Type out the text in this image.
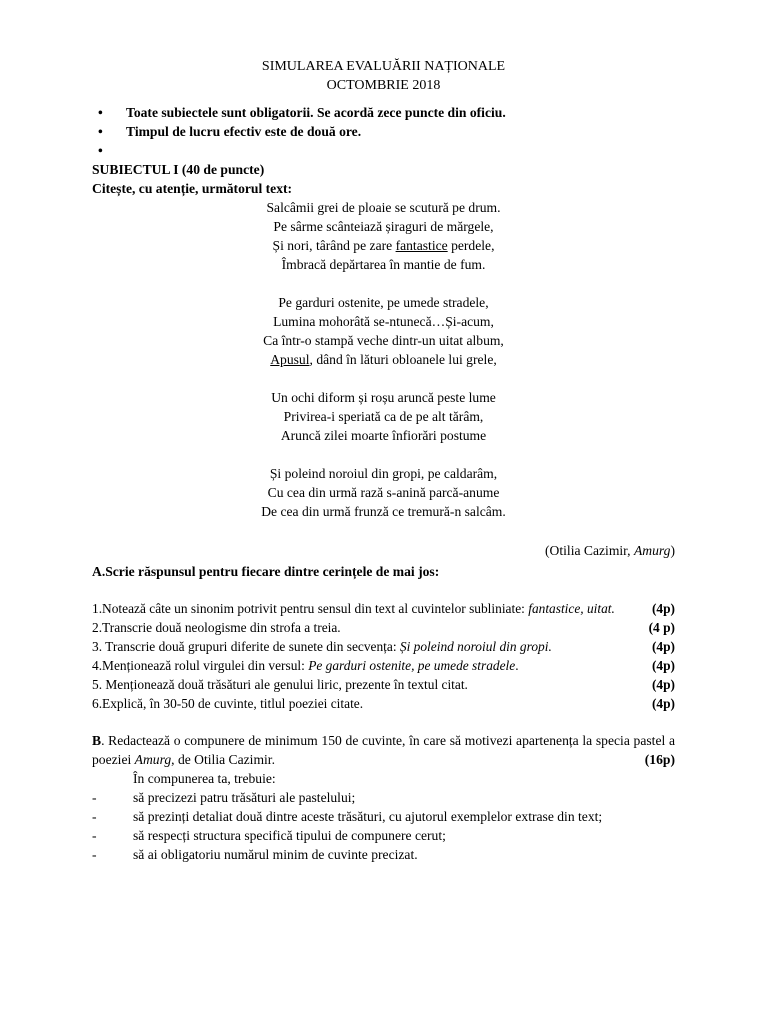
SIMULAREA EVALUĂRII NAȚIONALE
OCTOMBRIE 2018
• Toate subiectele sunt obligatorii. Se acordă zece puncte din oficiu.
• Timpul de lucru efectiv este de două ore.
•
SUBIECTUL I (40 de puncte)
Citește, cu atenție, următorul text:
Salcâmii grei de ploaie se scutură pe drum.
Pe sârme scânteiază șiraguri de mărgele,
Și nori, târând pe zare fantastice perdele,
Îmbracă depărtarea în mantie de fum.
Pe garduri ostenite, pe umede stradele,
Lumina mohorâtă se-ntunecă…Și-acum,
Ca într-o stampă veche dintr-un uitat album,
Apusul, dând în lături obloanele lui grele,
Un ochi diform și roșu aruncă peste lume
Privirea-i speriată ca de pe alt tărâm,
Aruncă zilei moarte înfiorări postume
Și poleind noroiul din gropi, pe caldarâm,
Cu cea din urmă rază s-anină parcă-anume
De cea din urmă frunză ce tremură-n salcâm.
(Otilia Cazimir, Amurg)
A.Scrie răspunsul pentru fiecare dintre cerințele de mai jos:
1.Notează câte un sinonim potrivit pentru sensul din text al cuvintelor subliniate: fantastice, uitat.	(4p)
2.Transcrie două neologisme din strofa a treia.	(4 p)
3. Transcrie două grupuri diferite de sunete din secvența: Și poleind noroiul din gropi.	(4p)
4.Menționează rolul virgulei din versul: Pe garduri ostenite, pe umede stradele.	(4p)
5. Menționează două trăsături ale genului liric, prezente în textul citat.	(4p)
6.Explică, în 30-50 de cuvinte, titlul poeziei citate.	(4p)
B. Redactează o compunere de minimum 150 de cuvinte, în care să motivezi apartenența la specia pastel a poeziei Amurg, de Otilia Cazimir.	(16p)
În compunerea ta, trebuie:
-	să precizezi patru trăsături ale pastelului;
-	să prezinți detaliat două dintre aceste trăsături, cu ajutorul exemplelor extrase din text;
-	să respecți structura specifică tipului de compunere cerut;
-	să ai obligatoriu numărul minim de cuvinte precizat.
